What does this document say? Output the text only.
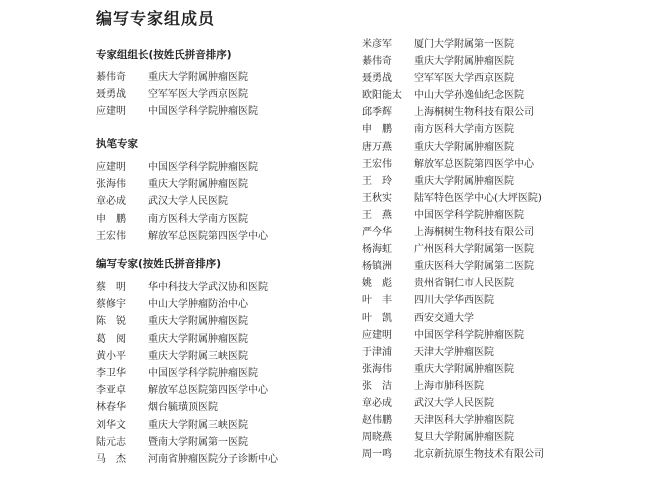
编写专家组成员
专家组组长(按姓氏拼音排序)
綦伟奇 重庆大学附属肿瘤医院
聂勇战 空军军医大学西京医院
应建明 中国医学科学院肿瘤医院
执笔专家
应建明 中国医学科学院肿瘤医院
张海伟 重庆大学附属肿瘤医院
章必成 武汉大学人民医院
申　鹏 南方医科大学南方医院
王宏伟 解放军总医院第四医学中心
编写专家(按姓氏拼音排序)
蔡　明 华中科技大学武汉协和医院
蔡修宇 中山大学肿瘤防治中心
陈　锐 重庆大学附属肿瘤医院
葛　阅 重庆大学附属肿瘤医院
黄小平 重庆大学附属三峡医院
李卫华 中国医学科学院肿瘤医院
李亚卓 解放军总医院第四医学中心
林春华 烟台毓璜顶医院
刘华文 重庆大学附属三峡医院
陆元志 暨南大学附属第一医院
马　杰 河南省肿瘤医院分子诊断中心
米彦军 厦门大学附属第一医院
綦伟奇 重庆大学附属肿瘤医院
聂勇战 空军军医大学西京医院
欧阳能太 中山大学孙逸仙纪念医院
邱季辉 上海桐树生物科技有限公司
申　鹏 南方医科大学南方医院
唐万燕 重庆大学附属肿瘤医院
王宏伟 解放军总医院第四医学中心
王　玲 重庆大学附属肿瘤医院
王秋实 陆军特色医学中心(大坪医院)
王　燕 中国医学科学院肿瘤医院
严今华 上海桐树生物科技有限公司
杨海虹 广州医科大学附属第一医院
杨镇洲 重庆医科大学附属第二医院
姚　彪 贵州省铜仁市人民医院
叶　丰 四川大学华西医院
叶　凯 西安交通大学
应建明 中国医学科学院肿瘤医院
于津浦 天津大学肿瘤医院
张海伟 重庆大学附属肿瘤医院
张　洁 上海市肺科医院
章必成 武汉大学人民医院
赵伟鹏 天津医科大学肿瘤医院
周晓燕 复旦大学附属肿瘤医院
周一鸣 北京新抗原生物技术有限公司
